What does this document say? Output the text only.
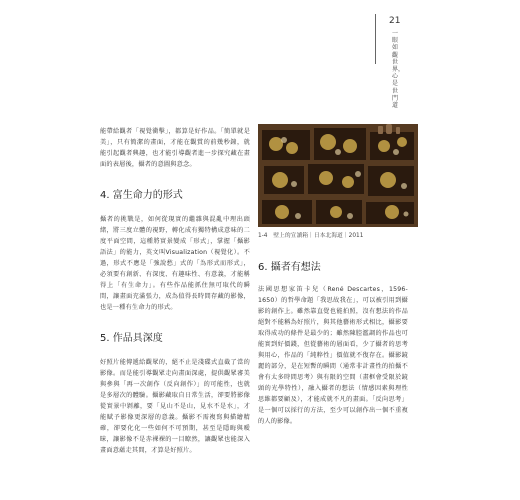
21
一眼如觀世界，心是世門道

能帶給觀者「視覺衝擊」，都算是好作品。「簡單就是美」，只有簡潔的畫面，才能在觀賞的前幾秒鐘，就能引起觀者興趣，也才能引導觀者進一步探究藏在畫面的表層後，攝者的意圖與意念。

4. 富生命力的形式

攝者的挑戰是，如何從現實的繼雜與混亂中理出頭緒，將三度立體的視野，轉化成有獨特構成意味的二度平面空間，這種將實景變成「形式」，掌握「攝影語法」的能力，英文叫Visualization（視覺化）。不過，形式不應是「強說愁」式的「為形式而形式」，必須要有創新、有深度、有趣味性、有意義，才能稱得上「有生命力」。有些作品能抓住無可取代的瞬間，讓畫面充滿張力，成為值得長時間存藏的影像，也是一種有生命力的形式。

5. 作品具深度

好照片能傳遞給觀眾的，絕不止是淺碟式直截了當的影像。而是能引導觀眾走向畫面深處，提供觀眾審美與參與「再一次創作（反向創作）」的可能性，也就是多層次的體驗。攝影藏取自日常生活，卻要將影像從實景中剝離，要「見山不是山，見水不是水」，才能賦予影像更深層的意義。攝影不需複寫與描繪精確，卻要化化一些如何不可預期，甚至是隱晦與曖昧，讓影像不是赤裸裸的一目瞭然，讓觀眾也能深入畫面意蘊走其間，才算是好照片。

1-4　壁上的宣讀箱｜日本北海道｜2011
6. 攝者有想法

法國思想家笛卡兒（René Descartes，1596-1650）的哲學命題「我思故我在」，可以被引用到攝影的創作上。雖然靠直覺也能拍照，沒有想法的作品絕對不能稱為好照片，與其他藝術形式相比，攝影要取得成功的條件是最少的；雖然陳腔濫調的作品也可能實到好價錢，但從藝術的層面看，少了攝者的思考與用心，作品的「純粹性」價值就不復存在。攝影鏡麗的部分，是在短暫的瞬間（通常非計畫性的拍攝不會有太多時間思考）與有限的空間（畫框會受限於鏡頭的光學特性），融入攝者的想法（情感因素與理性思維都要顧及），才能成就不凡的畫面。「反向思考」是一個可以採行的方法，至少可以創作出一個不重複的人的影像。
